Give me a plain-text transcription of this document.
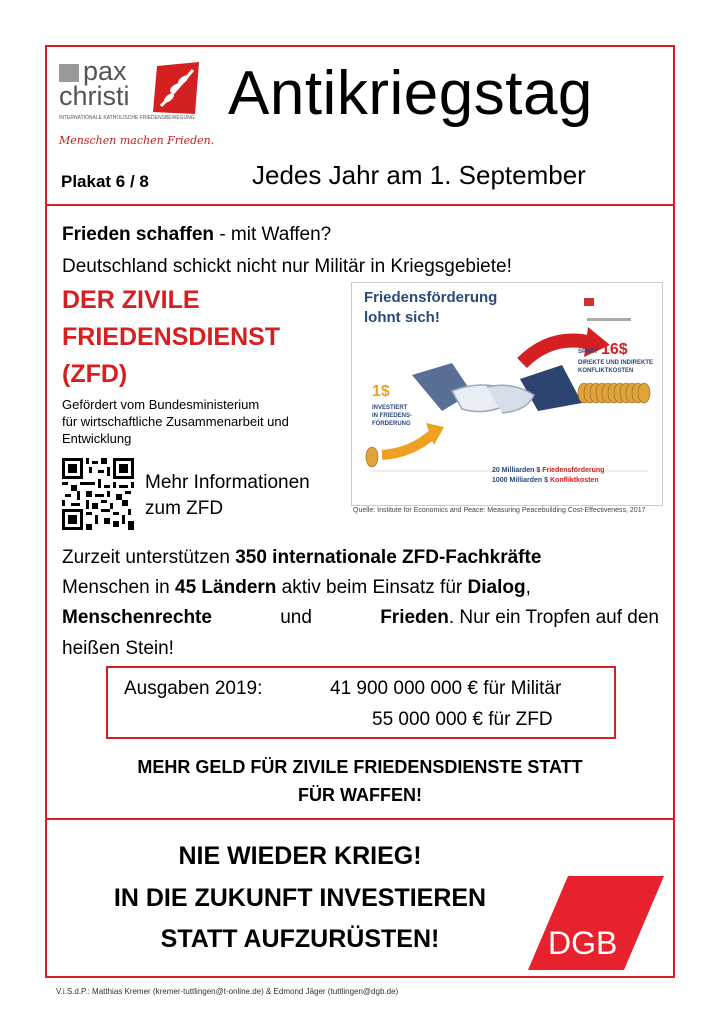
pax
christi
INTERNATIONALE KATHOLISCHE FRIEDENSBEWEGUNG
Menschen machen Frieden.
Antikriegstag
Plakat 6 / 8	Jedes Jahr am 1. September
Frieden schaffen - mit Waffen?
Deutschland schickt nicht nur Militär in Kriegsgebiete!
DER ZIVILE
FRIEDENSDIENST
(ZFD)
Gefördert vom Bundesministerium
für wirtschaftliche Zusammenarbeit und
Entwicklung
Mehr Informationen
zum ZFD
Friedensförderung
lohnt sich!

1$
INVESTIERT
IN FRIEDENS-
FÖRDERUNG
SPART 16$
DIREKTE UND INDIREKTE
KONFLIKTKOSTEN
20 Milliarden $ Friedensförderung
1000 Milliarden $ Konfliktkosten
Quelle: Institute for Economics and Peace: Measuring Peacebuilding Cost-Effectiveness, 2017
Zurzeit unterstützen 350 internationale ZFD-Fachkräfte
Menschen in 45 Ländern aktiv beim Einsatz für Dialog,
Menschenrechte	und	Frieden. Nur ein Tropfen auf den
heißen Stein!
Ausgaben 2019:	41 900 000 000 € für Militär
55 000 000 € für ZFD
MEHR GELD FÜR ZIVILE FRIEDENSDIENSTE STATT
FÜR WAFFEN!
NIE WIEDER KRIEG!
IN DIE ZUKUNFT INVESTIEREN
STATT AUFZURÜSTEN!	DGB
V.i.S.d.P.: Matthias Kremer (kremer-tuttlingen@t-online.de) & Edmond Jäger (tuttlingen@dgb.de)
